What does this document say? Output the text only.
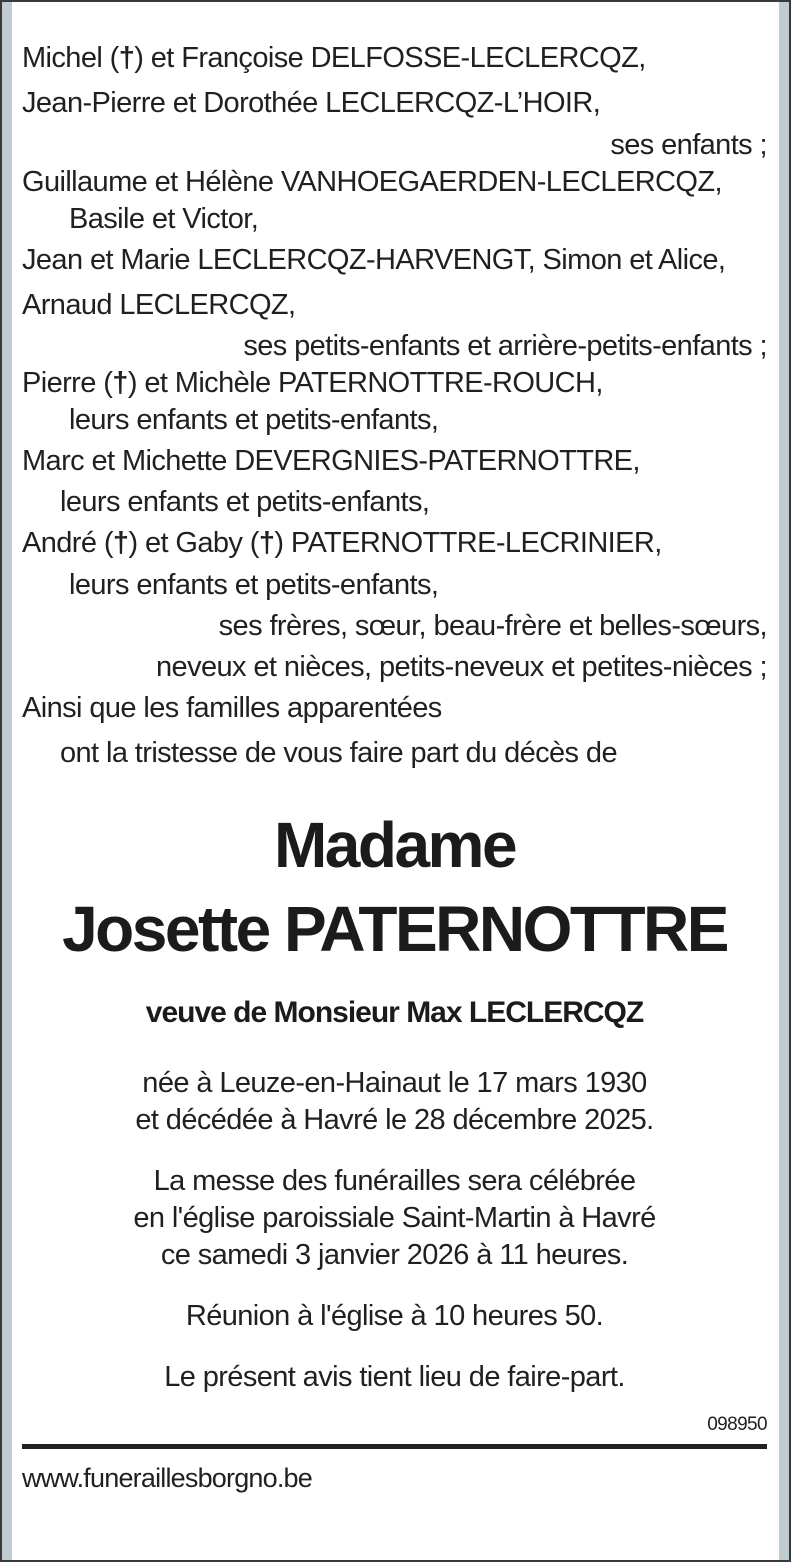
Michel (†) et Françoise DELFOSSE-LECLERCQZ,
Jean-Pierre et Dorothée LECLERCQZ-L’HOIR,
ses enfants ;
Guillaume et Hélène VANHOEGAERDEN-LECLERCQZ,
Basile et Victor,
Jean et Marie LECLERCQZ-HARVENGT, Simon et Alice,
Arnaud LECLERCQZ,
ses petits-enfants et arrière-petits-enfants ;
Pierre (†) et Michèle PATERNOTTRE-ROUCH,
leurs enfants et petits-enfants,
Marc et Michette DEVERGNIES-PATERNOTTRE,
leurs enfants et petits-enfants,
André (†) et Gaby (†) PATERNOTTRE-LECRINIER,
leurs enfants et petits-enfants,
ses frères, sœur, beau-frère et belles-sœurs,
neveux et nièces, petits-neveux et petites-nièces ;
Ainsi que les familles apparentées
ont la tristesse de vous faire part du décès de
Madame
Josette PATERNOTTRE
veuve de Monsieur Max LECLERCQZ
née à Leuze-en-Hainaut le 17 mars 1930
et décédée à Havré le 28 décembre 2025.
La messe des funérailles sera célébrée
en l'église paroissiale Saint-Martin à Havré
ce samedi 3 janvier 2026 à 11 heures.
Réunion à l'église à 10 heures 50.
Le présent avis tient lieu de faire-part.
098950
www.funeraillesborgno.be
